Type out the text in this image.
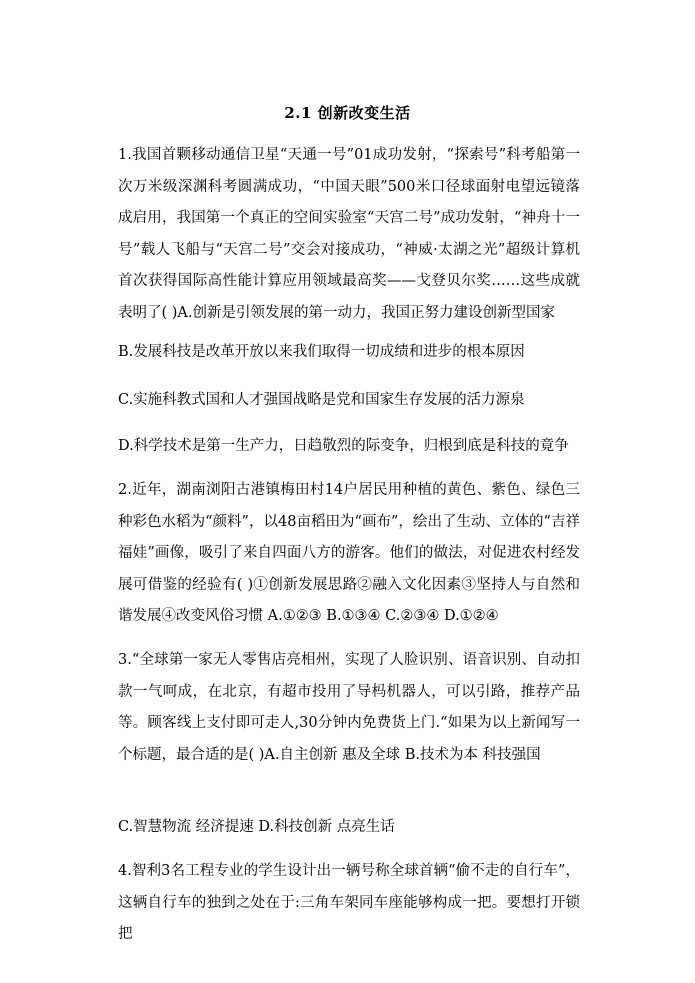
2.1 创新改变生活
1.我国首颗移动通信卫星“天通一号”01成功发射，“探索号”科考船第一次万米级深渊科考圆满成功，“中国天眼”500米口径球面射电望远镜落成启用，我国第一个真正的空间实验室“天宫二号”成功发射，“神舟十一号”载人飞船与“天宫二号”交会对接成功，“神威·太湖之光”超级计算机首次获得国际高性能计算应用领域最高奖——戈登贝尔奖……这些成就表明了( )A.创新是引领发展的第一动力，我国正努力建设创新型国家
B.发展科技是改革开放以来我们取得一切成绩和进步的根本原因
C.实施科教式国和人才强国战略是党和国家生存发展的活力源泉
D.科学技术是第一生产力，日趋敬烈的际变争，归根到底是科技的竟争
2.近年，湖南浏阳古港镇梅田村14户居民用种植的黄色、紫色、绿色三种彩色水稻为“颜料”，以48亩稻田为“画布”，绘出了生动、立体的“吉祥福娃”画像，吸引了来自四面八方的游客。他们的做法，对促进农村经发展可借鉴的经验有( )①创新发展思路②融入文化因素③坚持人与自然和谐发展④改变风俗习惯 A.①②③ B.①③④ C.②③④ D.①②④
3.“全球第一家无人零售店亮相州，实现了人脸识别、语音识别、自动扣款一气呵成，在北京，有超市投用了导杩机器人，可以引路，推荐产品等。顾客线上支付即可走人,30分钟内免费货上门.“如果为以上新闻写一个标题，最合适的是( )A.自主创新 惠及全球 B.技术为本 科技强国
C.智慧物流 经济提速 D.科技创新 点亮生话
4.智利3名工程专业的学生设计出一辆号称全球首辆“偷不走的自行车”，这辆自行车的独到之处在于:三角车架同车座能够构成一把。要想打开锁把
